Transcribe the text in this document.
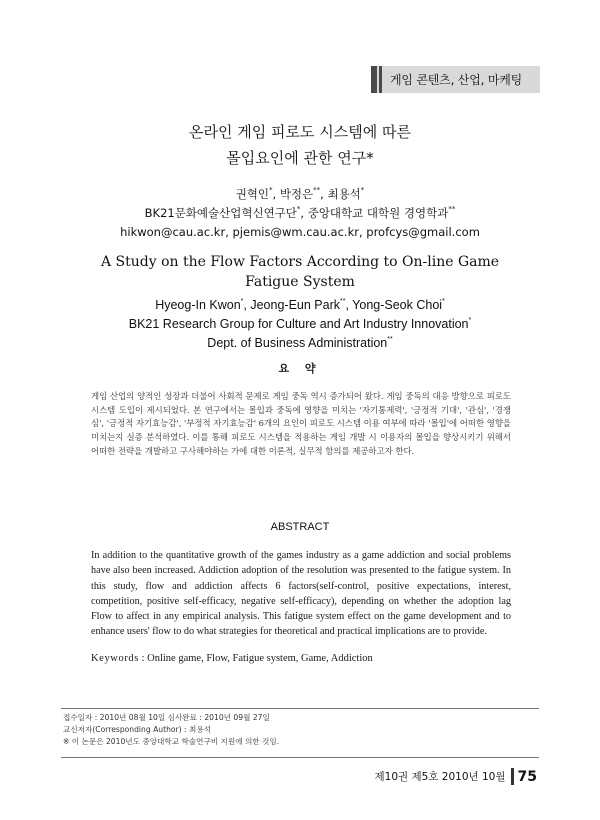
게임 콘텐츠, 산업, 마케팅
온라인 게임 피로도 시스템에 따른
몰입요인에 관한 연구*
권혁인*, 박정은**, 최용석*
BK21문화예술산업혁신연구단*, 중앙대학교 대학원 경영학과**
hikwon@cau.ac.kr, pjemis@wm.cau.ac.kr, profcys@gmail.com
A Study on the Flow Factors According to On-line Game
Fatigue System
Hyeog-In Kwon*, Jeong-Eun Park**, Yong-Seok Choi*
BK21 Research Group for Culture and Art Industry Innovation*
Dept. of Business Administration**
요 약
게임 산업의 양적인 성장과 더불어 사회적 문제로 게임 중독 역시 증가되어 왔다. 게임 중독의 대응 방향으로 피로도 시스템 도입이 제시되었다. 본 연구에서는 몰입과 중독에 영향을 미치는 '자기통제력', '긍정적 기대', '관심', '경쟁심', '긍정적 자기효능감', '부정적 자기효능감' 6개의 요인이 피로도 시스템 이용 여부에 따라 '몰입'에 어떠한 영향을 미치는지 실증 분석하였다. 이를 통해 피로도 시스템을 적용하는 게임 개발 시 이용자의 몰입을 향상시키기 위해서 어떠한 전략을 개발하고 구사해야하는 가에 대한 이론적, 실무적 함의를 제공하고자 한다.
ABSTRACT
In addition to the quantitative growth of the games industry as a game addiction and social problems have also been increased. Addiction adoption of the resolution was presented to the fatigue system. In this study, flow and addiction affects 6 factors(self-control, positive expectations, interest, competition, positive self-efficacy, negative self-efficacy), depending on whether the adoption lag Flow to affect in any empirical analysis. This fatigue system effect on the game development and to enhance users' flow to do what strategies for theoretical and practical implications are to provide.
Keywords : Online game, Flow, Fatigue system, Game, Addiction
접수일자 : 2010년 08월 10일 심사완료 : 2010년 09월 27일
교신저자(Corresponding Author) : 최용석
※ 이 논문은 2010년도 중앙대학교 학술연구비 지원에 의한 것임.
제10권 제5호 2010년 10월 75
